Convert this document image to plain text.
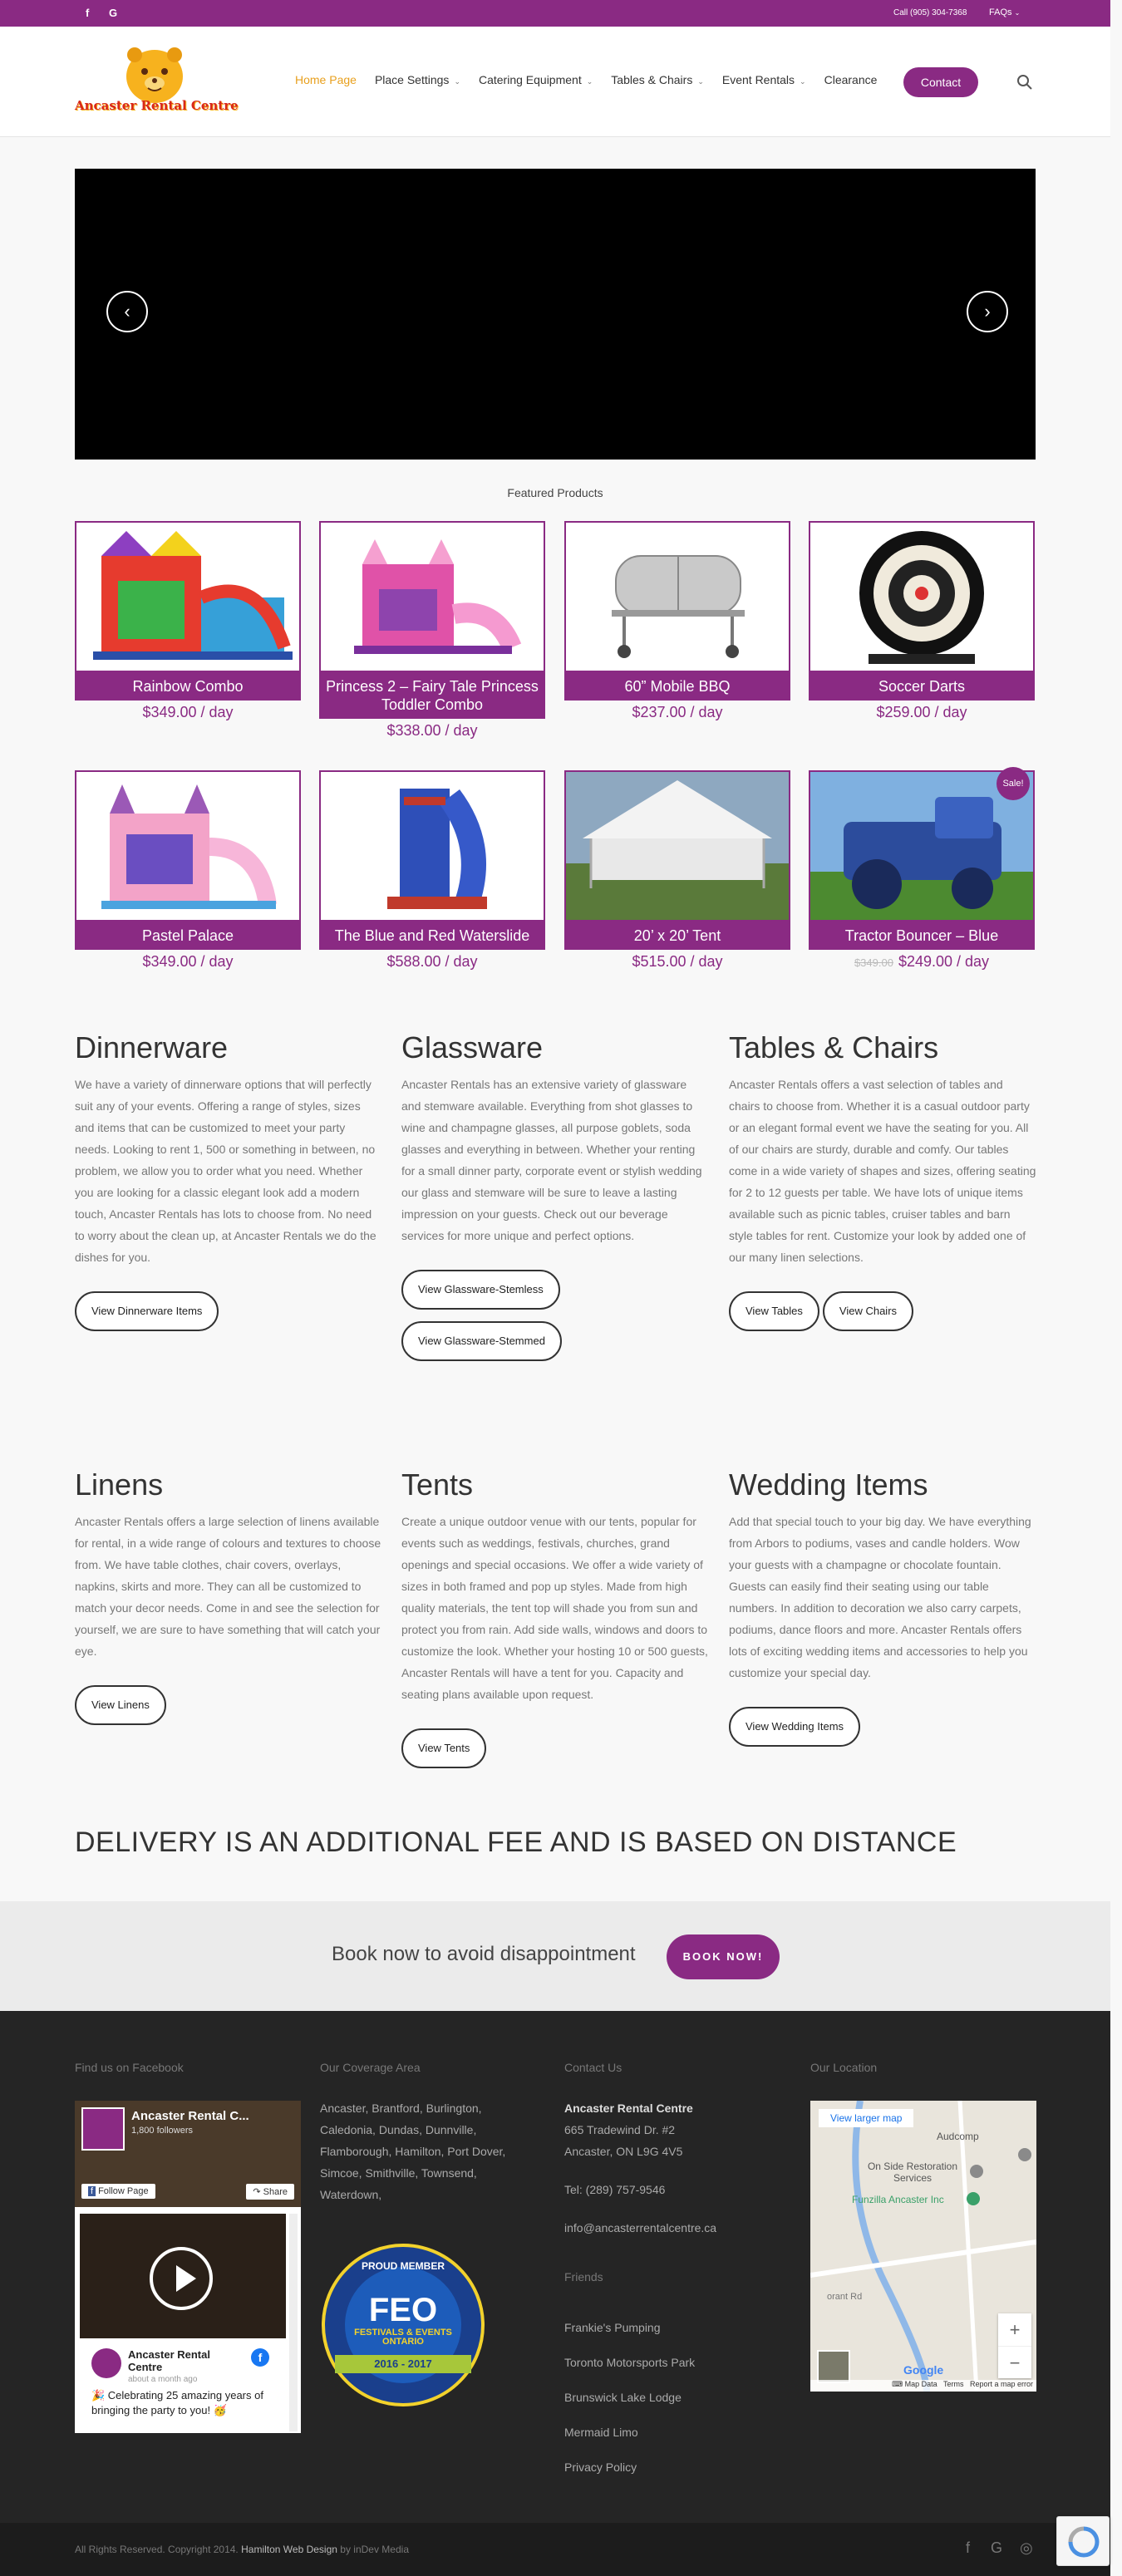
f G	Call (905) 304-7368 FAQs ⌄
Ancaster Rental Centre
Home Page Place Settings ⌄ Catering Equipment ⌄ Tables & Chairs ⌄ Event Rentals ⌄ Clearance	Contact
‹	›
Featured Products
Rainbow Combo
$349.00 / day
Princess 2 – Fairy Tale Princess Toddler Combo
$338.00 / day
60” Mobile BBQ
$237.00 / day
Soccer Darts
$259.00 / day
Pastel Palace
$349.00 / day
The Blue and Red Waterslide
$588.00 / day
20’ x 20’ Tent
$515.00 / day
Sale!
Tractor Bouncer – Blue
$349.00 $249.00 / day
Dinnerware

We have a variety of dinnerware options that will perfectly suit any of your events. Offering a range of styles, sizes and items that can be customized to meet your party needs. Looking to rent 1, 500 or something in between, no problem, we allow you to order what you need. Whether you are looking for a classic elegant look add a modern touch, Ancaster Rentals has lots to choose from. No need to worry about the clean up, at Ancaster Rentals we do the dishes for you.

View Dinnerware Items
Glassware

Ancaster Rentals has an extensive variety of glassware and stemware available. Everything from shot glasses to wine and champagne glasses, all purpose goblets, soda glasses and everything in between. Whether your renting for a small dinner party, corporate event or stylish wedding our glass and stemware will be sure to leave a lasting impression on your guests. Check out our beverage services for more unique and perfect options.

View Glassware-Stemless
View Glassware-Stemmed
Tables & Chairs

Ancaster Rentals offers a vast selection of tables and chairs to choose from. Whether it is a casual outdoor party or an elegant formal event we have the seating for you. All of our chairs are sturdy, durable and comfy. Our tables come in a wide variety of shapes and sizes, offering seating for 2 to 12 guests per table. We have lots of unique items available such as picnic tables, cruiser tables and barn style tables for rent. Customize your look by added one of our many linen selections.

View Tables	View Chairs
Linens

Ancaster Rentals offers a large selection of linens available for rental, in a wide range of colours and textures to choose from. We have table clothes, chair covers, overlays, napkins, skirts and more. They can all be customized to match your decor needs. Come in and see the selection for yourself, we are sure to have something that will catch your eye.

View Linens
Tents

Create a unique outdoor venue with our tents, popular for events such as weddings, festivals, churches, grand openings and special occasions. We offer a wide variety of sizes in both framed and pop up styles. Made from high quality materials, the tent top will shade you from sun and protect you from rain. Add side walls, windows and doors to customize the look. Whether your hosting 10 or 500 guests, Ancaster Rentals will have a tent for you. Capacity and seating plans available upon request.

View Tents
Wedding Items

Add that special touch to your big day. We have everything from Arbors to podiums, vases and candle holders. Wow your guests with a champagne or chocolate fountain. Guests can easily find their seating using our table numbers. In addition to decoration we also carry carpets, podiums, dance floors and more. Ancaster Rentals offers lots of exciting wedding items and accessories to help you customize your special day.

View Wedding Items
DELIVERY IS AN ADDITIONAL FEE AND IS BASED ON DISTANCE
Book now to avoid disappointment	BOOK NOW!
Find us on Facebook
Ancaster Rental C...
1,800 followers
f Follow Page	↷ Share
Ancaster Rental Centre
about a month ago
f
🎉 Celebrating 25 amazing years of bringing the party to you! 🥳
Our Coverage Area
Ancaster, Brantford, Burlington, Caledonia, Dundas, Dunnville, Flamborough, Hamilton, Port Dover, Simcoe, Smithville, Townsend, Waterdown,
PROUD MEMBER
FEO
FESTIVALS & EVENTS
ONTARIO
2016 - 2017
Contact Us
Ancaster Rental Centre
665 Tradewind Dr. #2
Ancaster, ON L9G 4V5
Tel: (289) 757-9546
info@ancasterrentalcentre.ca
Friends
Frankie's Pumping
Toronto Motorsports Park
Brunswick Lake Lodge
Mermaid Limo
Privacy Policy
Our Location
View larger map
Audcomp
On Side Restoration Services
Funzilla Ancaster Inc
orant Rd
+
−
Google
⌨ Map Data Terms Report a map error
All Rights Reserved. Copyright 2014. Hamilton Web Design by inDev Media	f G ◎
